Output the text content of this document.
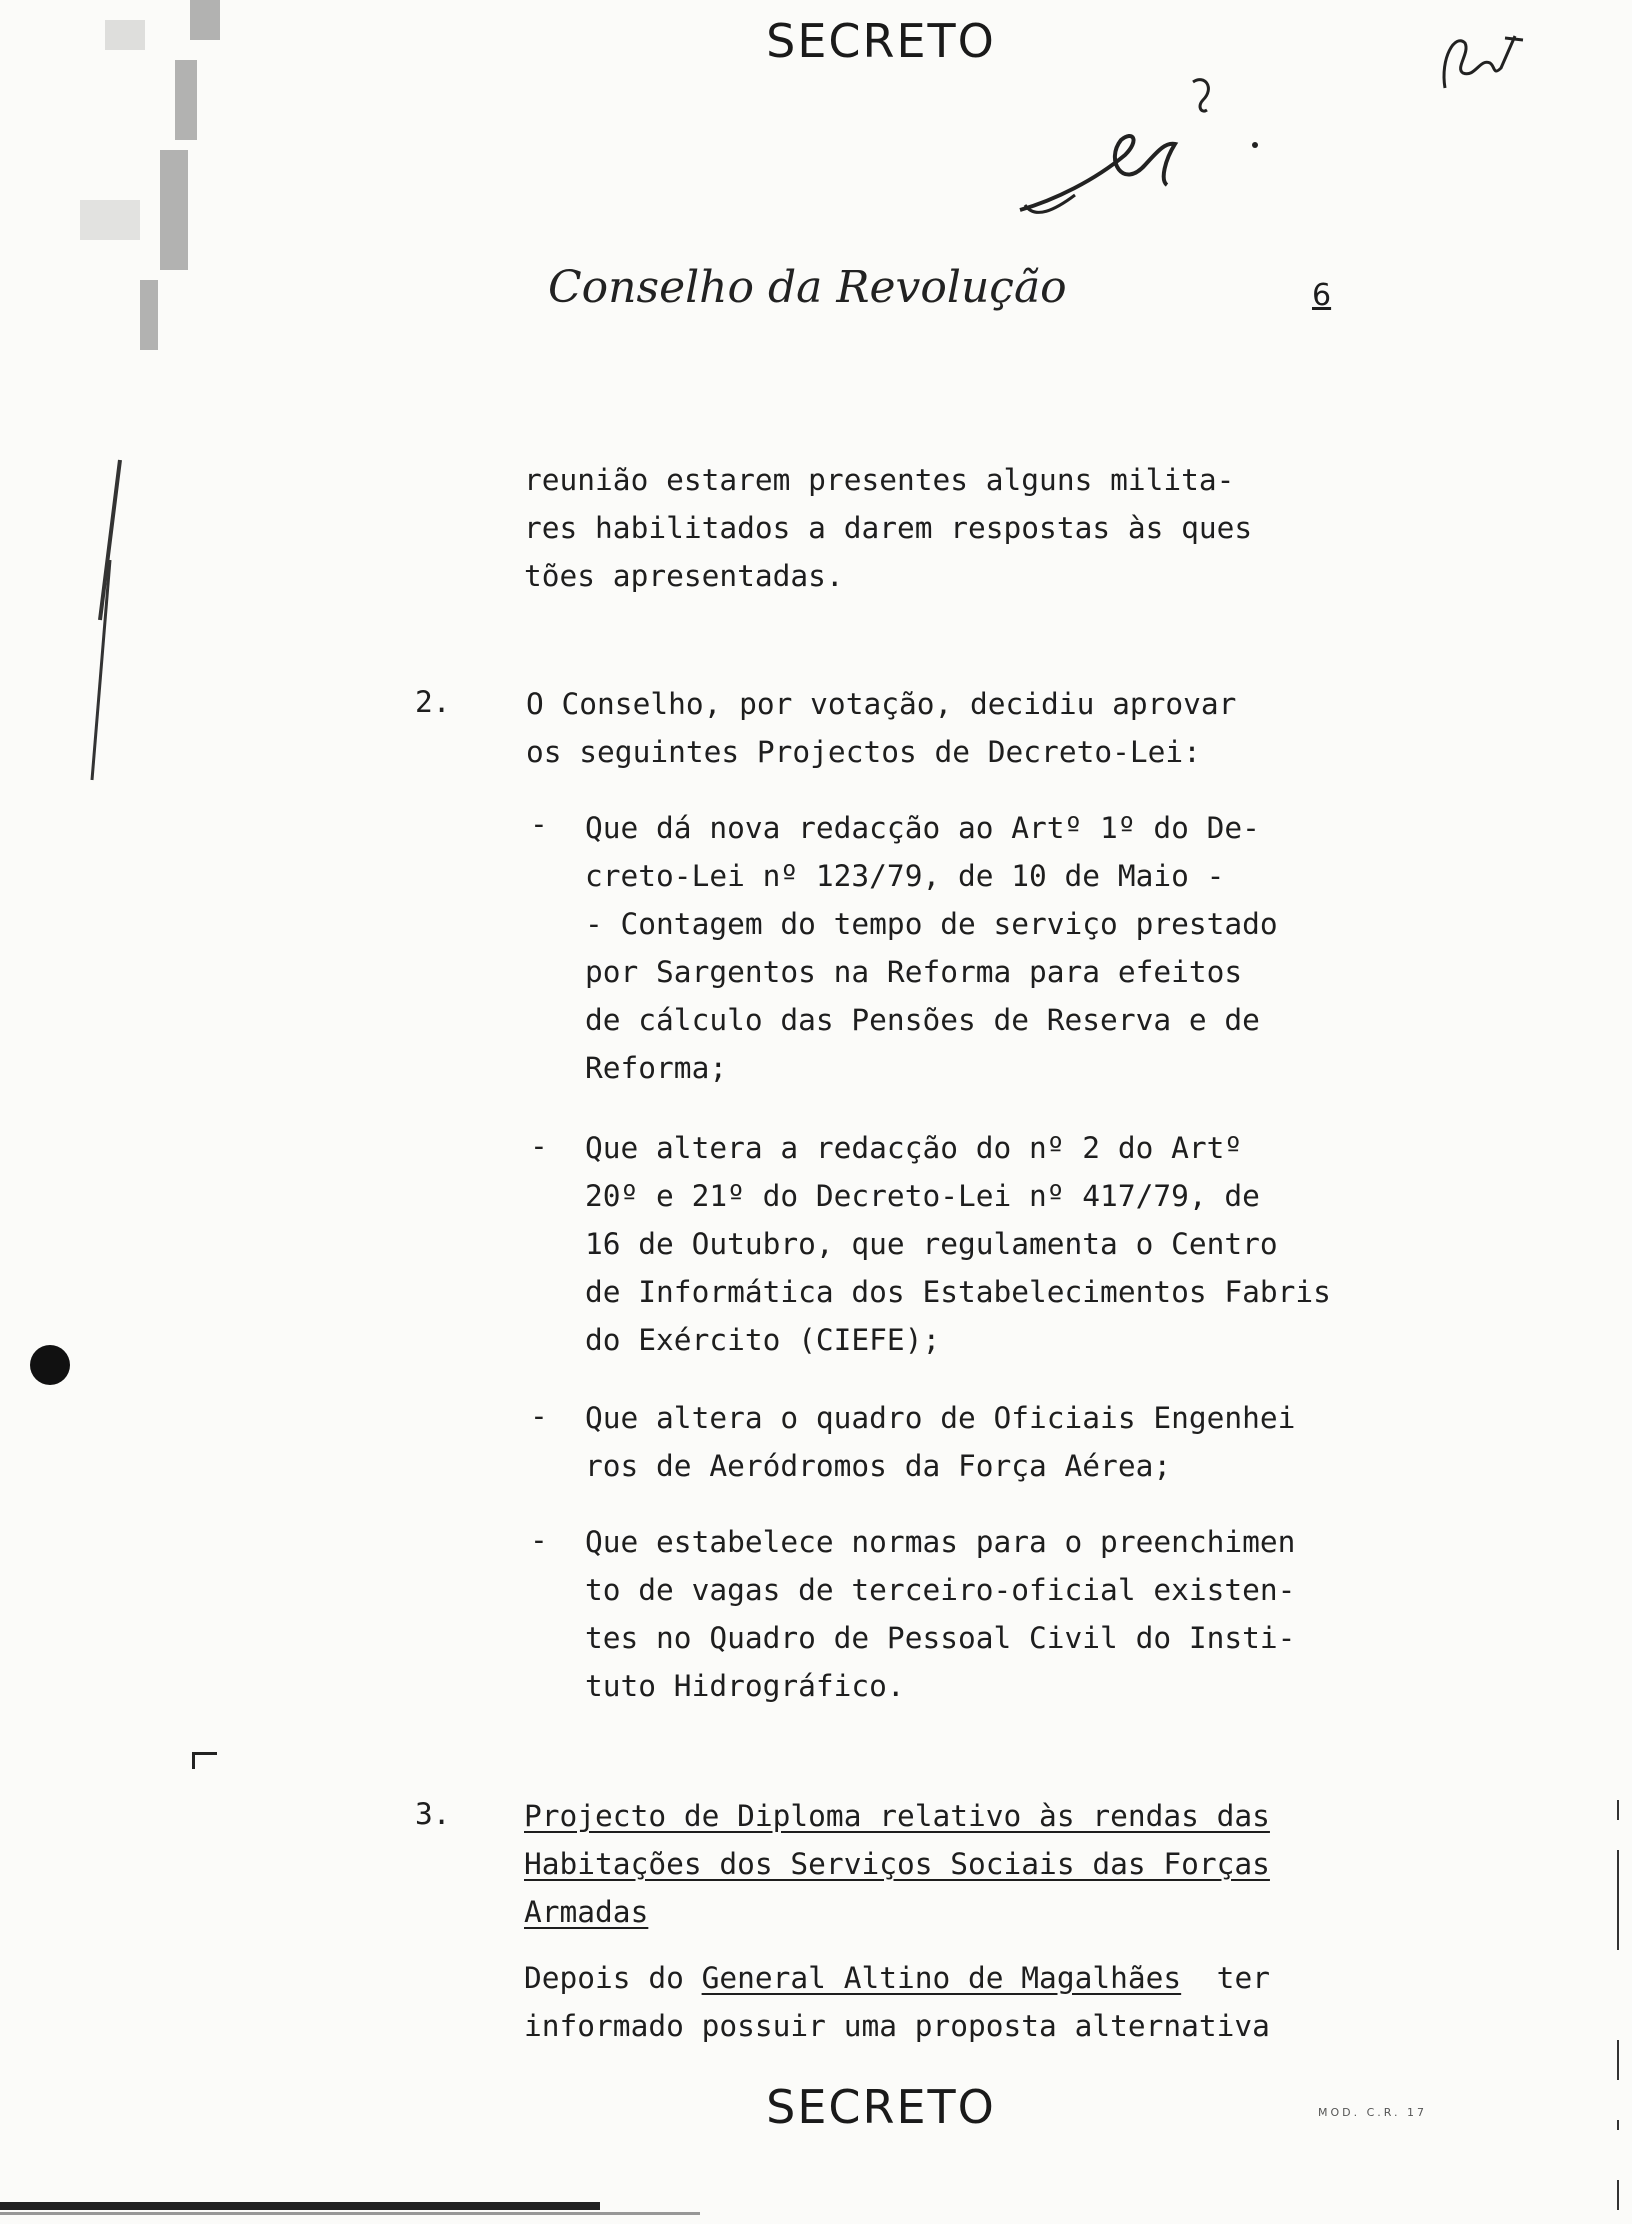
SECRETO
Conselho da Revolução	6
reunião estarem presentes alguns milita-
res habilitados a darem respostas às ques
tões apresentadas.
2.	O Conselho, por votação, decidiu aprovar
os seguintes Projectos de Decreto-Lei:
- Que dá nova redacção ao Artº 1º do De-
creto-Lei nº 123/79, de 10 de Maio -
- Contagem do tempo de serviço prestado
por Sargentos na Reforma para efeitos
de cálculo das Pensões de Reserva e de
Reforma;
- Que altera a redacção do nº 2 do Artº
20º e 21º do Decreto-Lei nº 417/79, de
16 de Outubro, que regulamenta o Centro
de Informática dos Estabelecimentos Fabris
do Exército (CIEFE);
- Que altera o quadro de Oficiais Engenhei
ros de Aeródromos da Força Aérea;
- Que estabelece normas para o preenchimen
to de vagas de terceiro-oficial existen-
tes no Quadro de Pessoal Civil do Insti-
tuto Hidrográfico.
3. Projecto de Diploma relativo às rendas das
Habitações dos Serviços Sociais das Forças
Armadas
Depois do General Altino de Magalhães  ter
informado possuir uma proposta alternativa
SECRETO	MOD. C.R. 17
